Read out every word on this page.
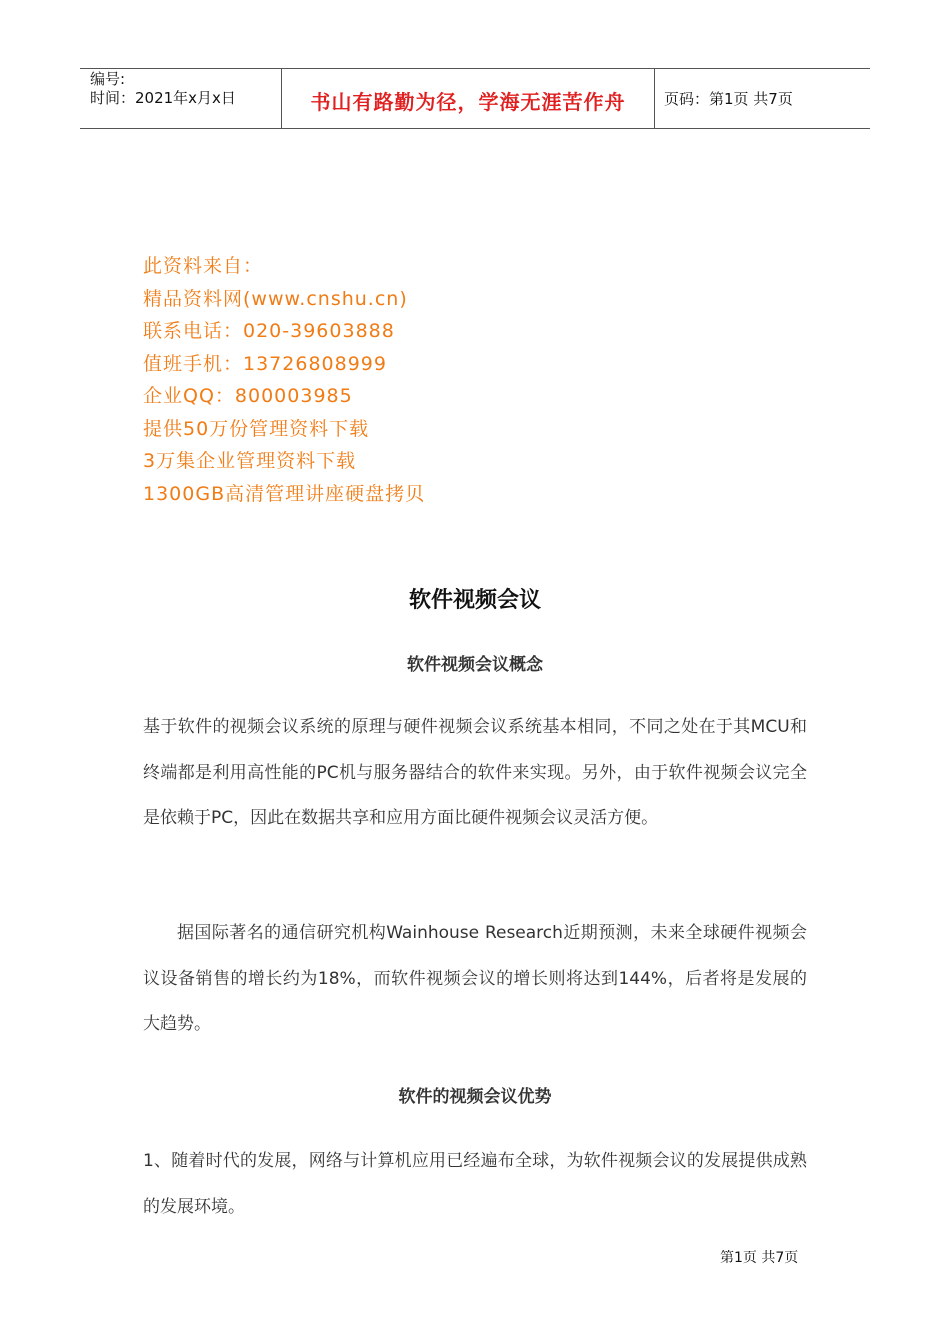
编号:
时间：2021年x月x日	书山有路勤为径，学海无涯苦作舟	页码：第1页 共7页
此资料来自：
精品资料网(www.cnshu.cn)
联系电话：020-39603888
值班手机：13726808999
企业QQ：800003985
提供50万份管理资料下载
3万集企业管理资料下载
1300GB高清管理讲座硬盘拷贝
软件视频会议
软件视频会议概念
基于软件的视频会议系统的原理与硬件视频会议系统基本相同，不同之处在于其MCU和终端都是利用高性能的PC机与服务器结合的软件来实现。另外，由于软件视频会议完全是依赖于PC，因此在数据共享和应用方面比硬件视频会议灵活方便。
据国际著名的通信研究机构Wainhouse Research近期预测，未来全球硬件视频会议设备销售的增长约为18%，而软件视频会议的增长则将达到144%，后者将是发展的大趋势。
软件的视频会议优势
1、随着时代的发展，网络与计算机应用已经遍布全球，为软件视频会议的发展提供成熟的发展环境。
第1页 共7页
